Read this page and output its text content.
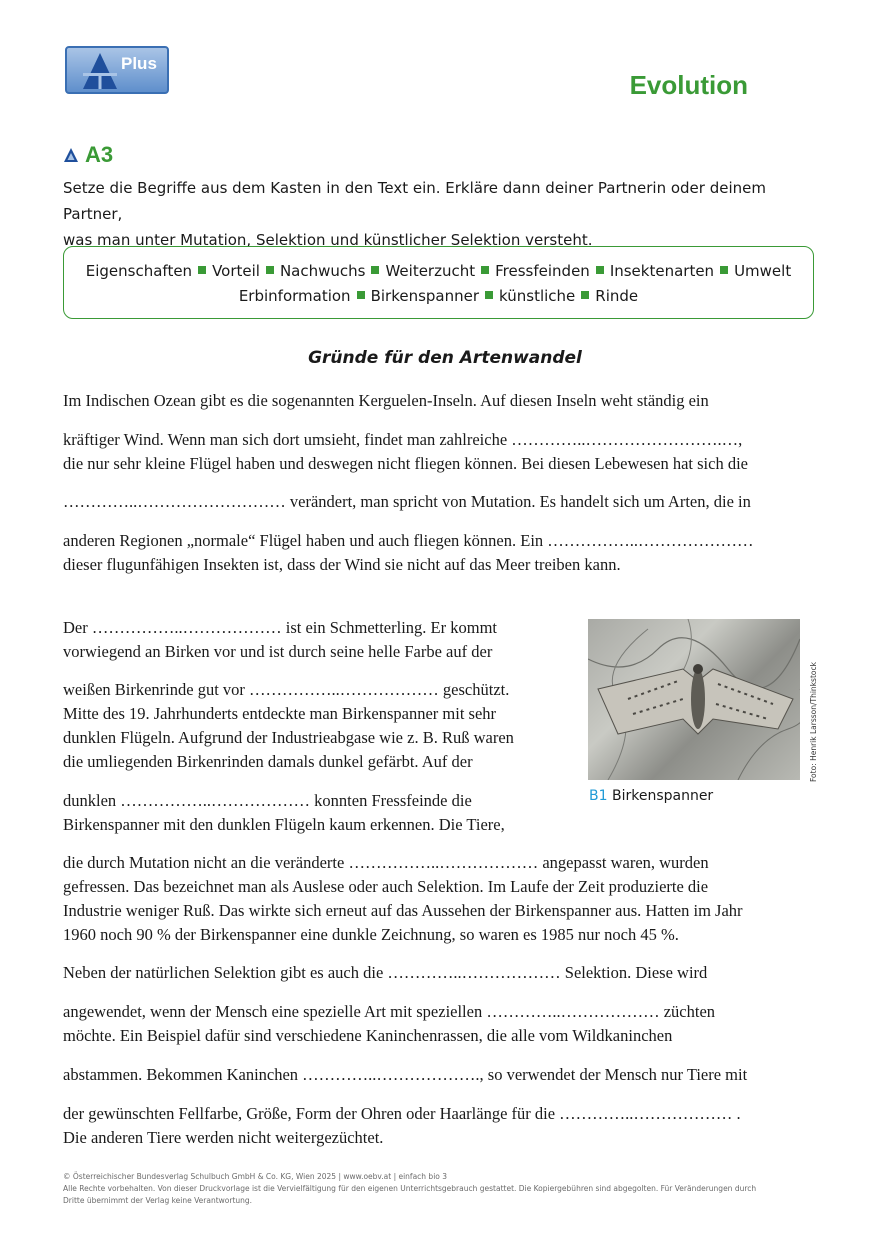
Plus
Evolution
A3
Setze die Begriffe aus dem Kasten in den Text ein. Erkläre dann deiner Partnerin oder deinem Partner,
was man unter Mutation, Selektion und künstlicher Selektion versteht.
Eigenschaften Vorteil Nachwuchs Weiterzucht Fressfeinden Insektenarten Umwelt
Erbinformation Birkenspanner künstliche Rinde
Gründe für den Artenwandel
Im Indischen Ozean gibt es die sogenannten Kerguelen-Inseln. Auf diesen Inseln weht ständig ein
kräftiger Wind. Wenn man sich dort umsieht, findet man zahlreiche …………..…………………….…,
die nur sehr kleine Flügel haben und deswegen nicht fliegen können. Bei diesen Lebewesen hat sich die
…………..……………………… verändert, man spricht von Mutation. Es handelt sich um Arten, die in
anderen Regionen „normale“ Flügel haben und auch fliegen können. Ein ……………..…………………
dieser flugunfähigen Insekten ist, dass der Wind sie nicht auf das Meer treiben kann.
Der ……………..……………… ist ein Schmetterling. Er kommt
vorwiegend an Birken vor und ist durch seine helle Farbe auf der
weißen Birkenrinde gut vor ……………..……………… geschützt.
Mitte des 19. Jahrhunderts entdeckte man Birkenspanner mit sehr
dunklen Flügeln. Aufgrund der Industrieabgase wie z. B. Ruß waren
die umliegenden Birkenrinden damals dunkel gefärbt. Auf der
dunklen ……………..……………… konnten Fressfeinde die
Birkenspanner mit den dunklen Flügeln kaum erkennen. Die Tiere,
die durch Mutation nicht an die veränderte ……………..……………… angepasst waren, wurden
gefressen. Das bezeichnet man als Auslese oder auch Selektion. Im Laufe der Zeit produzierte die
Industrie weniger Ruß. Das wirkte sich erneut auf das Aussehen der Birkenspanner aus. Hatten im Jahr
1960 noch 90 % der Birkenspanner eine dunkle Zeichnung, so waren es 1985 nur noch 45 %.
Neben der natürlichen Selektion gibt es auch die …………..……………… Selektion. Diese wird
angewendet, wenn der Mensch eine spezielle Art mit speziellen …………..……………… züchten
möchte. Ein Beispiel dafür sind verschiedene Kaninchenrassen, die alle vom Wildkaninchen
abstammen. Bekommen Kaninchen …………..………………., so verwendet der Mensch nur Tiere mit
der gewünschten Fellfarbe, Größe, Form der Ohren oder Haarlänge für die …………..……………… .
Die anderen Tiere werden nicht weitergezüchtet.
Foto: Henrik Larsson/Thinkstock
B1 Birkenspanner
© Österreichischer Bundesverlag Schulbuch GmbH & Co. KG, Wien 2025 | www.oebv.at | einfach bio 3
Alle Rechte vorbehalten. Von dieser Druckvorlage ist die Vervielfältigung für den eigenen Unterrichtsgebrauch gestattet. Die Kopiergebühren sind abgegolten. Für Veränderungen durch
Dritte übernimmt der Verlag keine Verantwortung.
